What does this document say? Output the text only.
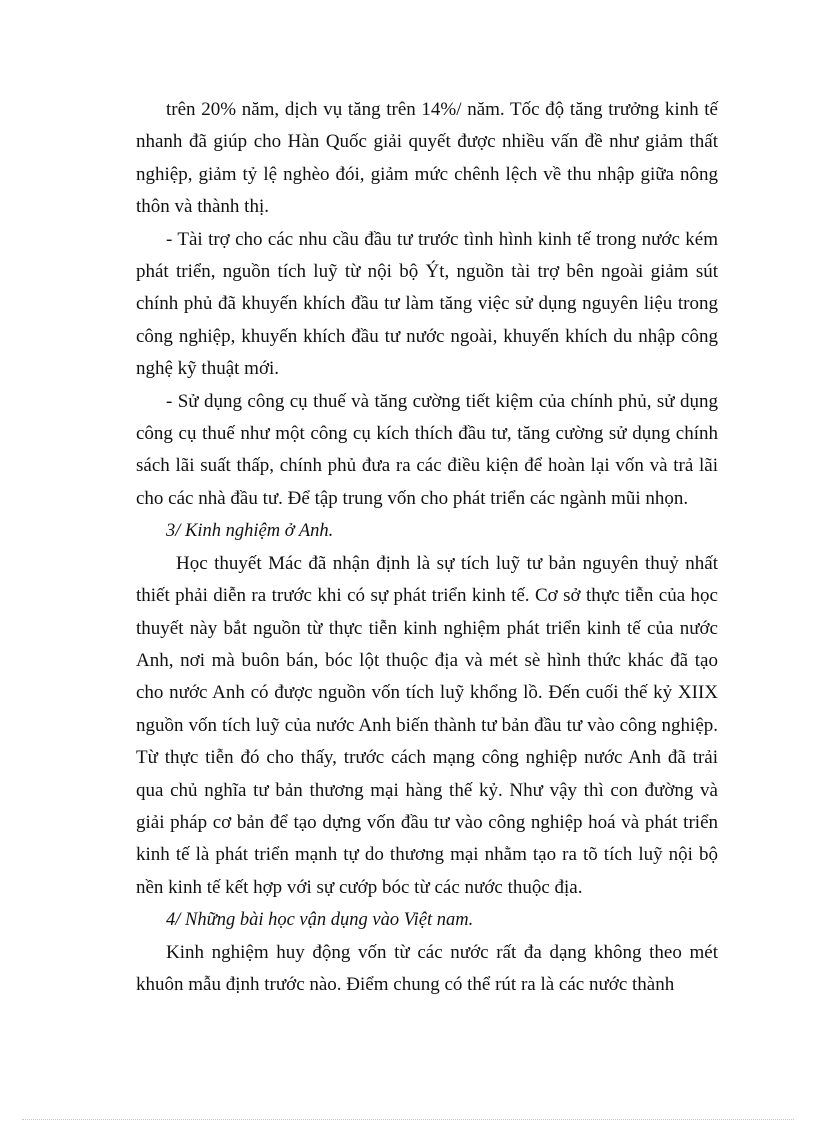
trên 20% năm, dịch vụ tăng trên 14%/ năm. Tốc độ tăng trưởng kinh tế nhanh đã giúp cho Hàn Quốc giải quyết được nhiều vấn đề như giảm thất nghiệp, giảm tỷ lệ nghèo đói, giảm mức chênh lệch về thu nhập giữa nông thôn và thành thị.

- Tài trợ cho các nhu cầu đầu tư trước tình hình kinh tế trong nước kém phát triển, nguồn tích luỹ từ nội bộ Ýt, nguồn tài trợ bên ngoài giảm sút chính phủ đã khuyến khích đầu tư làm tăng việc sử dụng nguyên liệu trong công nghiệp, khuyến khích đầu tư nước ngoài, khuyến khích du nhập công nghệ kỹ thuật mới.

- Sử dụng công cụ thuế và tăng cường tiết kiệm của chính phủ, sử dụng công cụ thuế như một công cụ kích thích đầu tư, tăng cường sử dụng chính sách lãi suất thấp, chính phủ đưa ra các điều kiện để hoàn lại vốn và trả lãi cho các nhà đầu tư. Để tập trung vốn cho phát triển các ngành mũi nhọn.

3/ Kinh nghiệm ở Anh.

Học thuyết Mác đã nhận định là sự tích luỹ tư bản nguyên thuỷ nhất thiết phải diễn ra trước khi có sự phát triển kinh tế. Cơ sở thực tiễn của học thuyết này bắt nguồn từ thực tiễn kinh nghiệm phát triển kinh tế của nước Anh, nơi mà buôn bán, bóc lột thuộc địa và mét sè hình thức khác đã tạo cho nước Anh có được nguồn vốn tích luỹ khổng lồ. Đến cuối thế kỷ XIIX nguồn vốn tích luỹ của nước Anh biến thành tư bản đầu tư vào công nghiệp. Từ thực tiễn đó cho thấy, trước cách mạng công nghiệp nước Anh đã trải qua chủ nghĩa tư bản thương mại hàng thế kỷ. Như vậy thì con đường và giải pháp cơ bản để tạo dựng vốn đầu tư vào công nghiệp hoá và phát triển kinh tế là phát triển mạnh tự do thương mại nhằm tạo ra tõ tích luỹ nội bộ nền kinh tế kết hợp với sự cướp bóc từ các nước thuộc địa.

4/ Những bài học vận dụng vào Việt nam.

Kinh nghiệm huy động vốn từ các nước rất đa dạng không theo mét khuôn mẫu định trước nào. Điểm chung có thể rút ra là các nước thành
